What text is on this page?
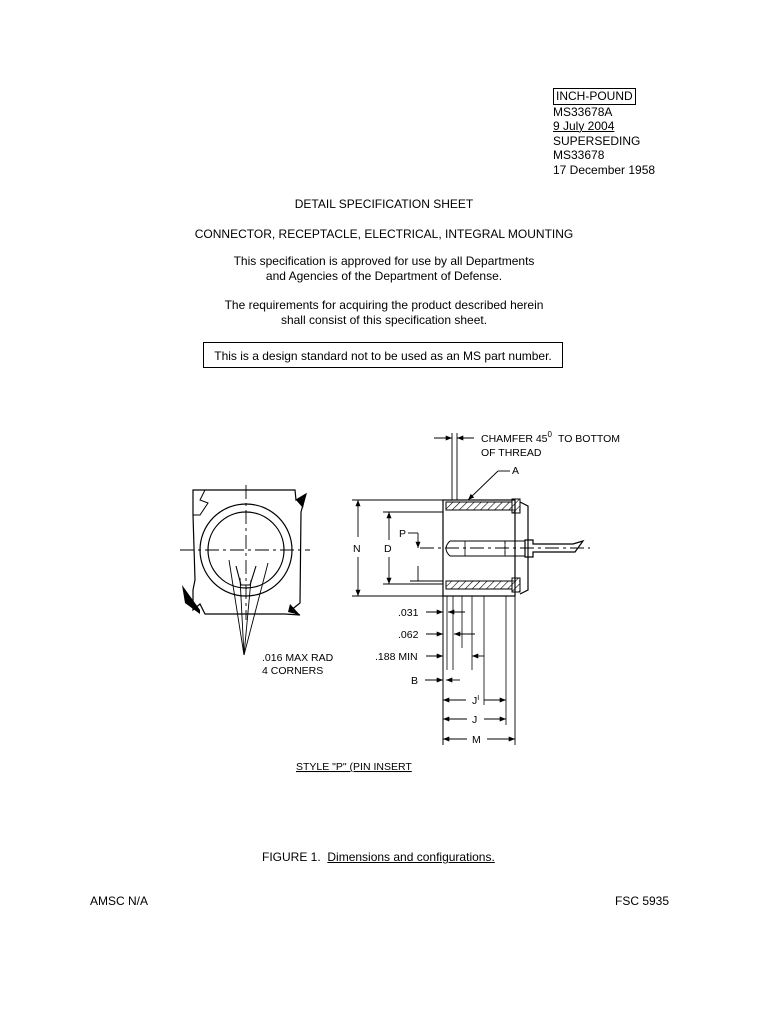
INCH-POUND
MS33678A
9 July 2004
SUPERSEDING
MS33678
17 December 1958
DETAIL SPECIFICATION SHEET
CONNECTOR, RECEPTACLE, ELECTRICAL, INTEGRAL MOUNTING
This specification is approved for use by all Departments
and Agencies of the Department of Defense.
The requirements for acquiring the product described herein
shall consist of this specification sheet.
This is a design standard not to be used as an MS part number.
.016 MAX RAD
4 CORNERS
CHAMFER $45^0$ TO BOTTOM
OF THREAD
A
P
N D
.031
.062
.188 MIN
B
$J^I$
J
M
STYLE "P" (PIN INSERT
FIGURE 1. Dimensions and configurations.
AMSC N/A	FSC 5935
